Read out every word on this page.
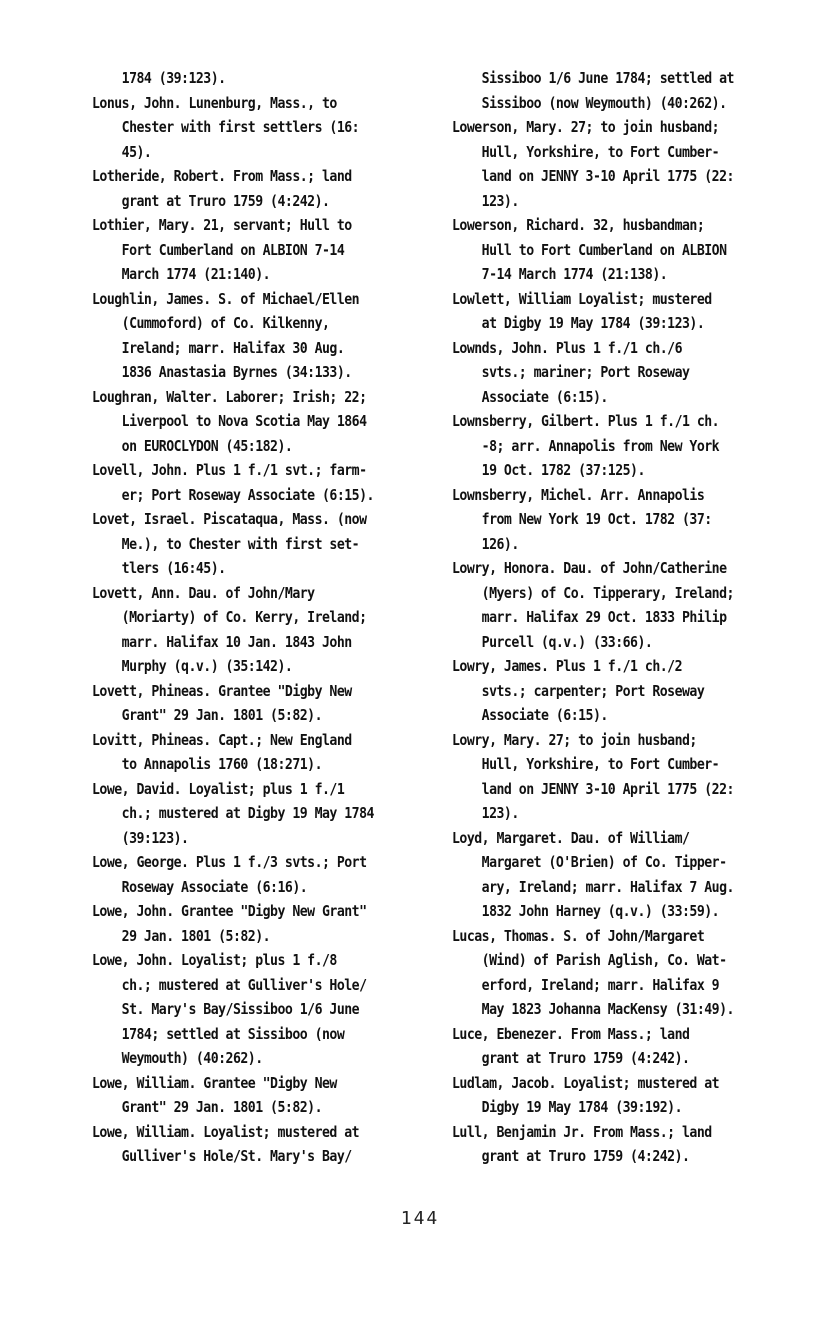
1784 (39:123).
Lonus, John. Lunenburg, Mass., to
Chester with first settlers (16:
45).
Lotheride, Robert. From Mass.; land
grant at Truro 1759 (4:242).
Lothier, Mary. 21, servant; Hull to
Fort Cumberland on ALBION 7-14
March 1774 (21:140).
Loughlin, James. S. of Michael/Ellen
(Cummoford) of Co. Kilkenny,
Ireland; marr. Halifax 30 Aug.
1836 Anastasia Byrnes (34:133).
Loughran, Walter. Laborer; Irish; 22;
Liverpool to Nova Scotia May 1864
on EUROCLYDON (45:182).
Lovell, John. Plus 1 f./1 svt.; farm-
er; Port Roseway Associate (6:15).
Lovet, Israel. Piscataqua, Mass. (now
Me.), to Chester with first set-
tlers (16:45).
Lovett, Ann. Dau. of John/Mary
(Moriarty) of Co. Kerry, Ireland;
marr. Halifax 10 Jan. 1843 John
Murphy (q.v.) (35:142).
Lovett, Phineas. Grantee "Digby New
Grant" 29 Jan. 1801 (5:82).
Lovitt, Phineas. Capt.; New England
to Annapolis 1760 (18:271).
Lowe, David. Loyalist; plus 1 f./1
ch.; mustered at Digby 19 May 1784
(39:123).
Lowe, George. Plus 1 f./3 svts.; Port
Roseway Associate (6:16).
Lowe, John. Grantee "Digby New Grant"
29 Jan. 1801 (5:82).
Lowe, John. Loyalist; plus 1 f./8
ch.; mustered at Gulliver's Hole/
St. Mary's Bay/Sissiboo 1/6 June
1784; settled at Sissiboo (now
Weymouth) (40:262).
Lowe, William. Grantee "Digby New
Grant" 29 Jan. 1801 (5:82).
Lowe, William. Loyalist; mustered at
Gulliver's Hole/St. Mary's Bay/
Sissiboo 1/6 June 1784; settled at
Sissiboo (now Weymouth) (40:262).
Lowerson, Mary. 27; to join husband;
Hull, Yorkshire, to Fort Cumber-
land on JENNY 3-10 April 1775 (22:
123).
Lowerson, Richard. 32, husbandman;
Hull to Fort Cumberland on ALBION
7-14 March 1774 (21:138).
Lowlett, William Loyalist; mustered
at Digby 19 May 1784 (39:123).
Lownds, John. Plus 1 f./1 ch./6
svts.; mariner; Port Roseway
Associate (6:15).
Lownsberry, Gilbert. Plus 1 f./1 ch.
-8; arr. Annapolis from New York
19 Oct. 1782 (37:125).
Lownsberry, Michel. Arr. Annapolis
from New York 19 Oct. 1782 (37:
126).
Lowry, Honora. Dau. of John/Catherine
(Myers) of Co. Tipperary, Ireland;
marr. Halifax 29 Oct. 1833 Philip
Purcell (q.v.) (33:66).
Lowry, James. Plus 1 f./1 ch./2
svts.; carpenter; Port Roseway
Associate (6:15).
Lowry, Mary. 27; to join husband;
Hull, Yorkshire, to Fort Cumber-
land on JENNY 3-10 April 1775 (22:
123).
Loyd, Margaret. Dau. of William/
Margaret (O'Brien) of Co. Tipper-
ary, Ireland; marr. Halifax 7 Aug.
1832 John Harney (q.v.) (33:59).
Lucas, Thomas. S. of John/Margaret
(Wind) of Parish Aglish, Co. Wat-
erford, Ireland; marr. Halifax 9
May 1823 Johanna MacKensy (31:49).
Luce, Ebenezer. From Mass.; land
grant at Truro 1759 (4:242).
Ludlam, Jacob. Loyalist; mustered at
Digby 19 May 1784 (39:192).
Lull, Benjamin Jr. From Mass.; land
grant at Truro 1759 (4:242).
144
